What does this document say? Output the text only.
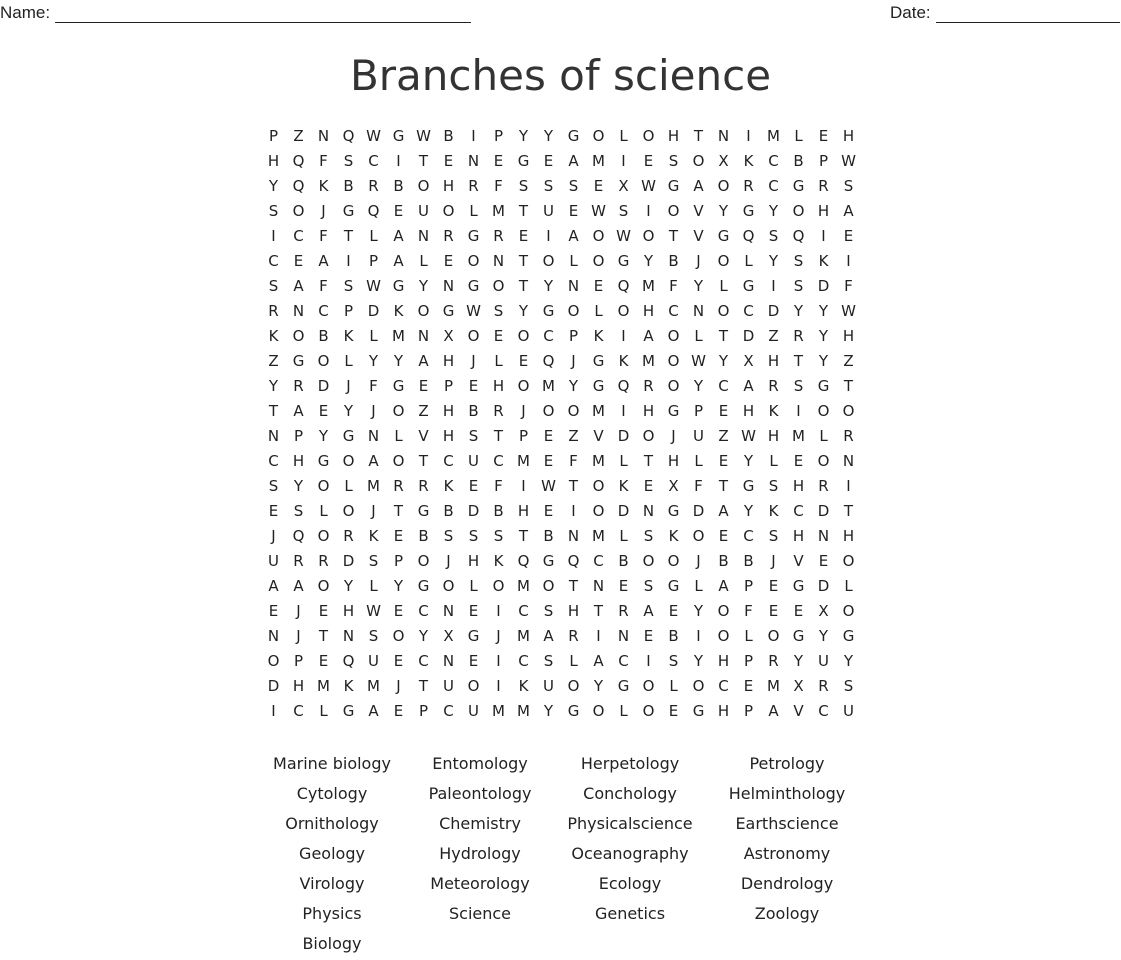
Name:	Date:
Branches of science
P	Z N Q W G W B	I	P	Y	Y G O L O H T N	I	M L	E H
H Q F	S C	I	T	E N E G E	A M	I	E	S O X K C B	P W
Y Q K B R B O H R	F	S	S	S	E	X W G A O R C G R	S
S O	J	G Q E U O L M T U E W S	I	O V	Y G Y O H A
I	C	F	T	L	A N R G R	E	I	A O W O T	V G Q S Q	I	E
C	E	A	I	P	A	L	E O N T O L O G Y	B	J	O L	Y	S	K	I
S	A	F	S W G Y N G O T	Y N E Q M F	Y	L	G	I	S D F
R N C	P D K O G W S	Y G O L O H C N O C D Y	Y W
K O B K	L M N X O E O C	P	K	I	A O L	T D Z R	Y H
Z G O L	Y	Y	A H	J	L	E Q	J	G K M O W Y	X H T	Y	Z
Y	R D	J	F G E	P	E H O M Y G Q R O Y	C A R	S G T
T	A	E	Y	J	O Z H B R	J	O O M	I	H G P	E H K	I	O O
N P	Y G N	L	V H S	T	P	E	Z V D O	J	U Z W H M L	R
C H G O A O T	C U C M E	F M L	T H	L	E	Y	L	E O N
S	Y O L M R R K	E	F	I	W T O K	E	X	F	T G S H R	I
E	S	L O	J	T G B D B H E	I	O D N G D A	Y	K C D T
J	Q O R K	E	B	S	S	S	T	B N M L	S	K O E	C	S H N H
U R R D S	P O	J	H K Q G Q C B O O	J	B B	J	V	E O
A A O Y	L	Y G O L O M O T N E	S G	L	A	P	E G D	L
E	J	E H W E	C N E	I	C	S H T	R A	E	Y O F	E	E	X O
N	J	T N S O Y	X G	J	M A R	I	N E	B	I	O L O G Y G
O P	E Q U E	C N E	I	C	S	L	A C	I	S	Y H P	R	Y U Y
D H M K M	J	T U O	I	K U O Y G O L O C	E M X R	S
I	C	L	G A	E	P	C U M M Y G O L O E G H P	A V C U
Marine biology	Entomology	Herpetology	Petrology
Cytology	Paleontology	Conchology	Helminthology
Ornithology	Chemistry	Physicalscience	Earthscience
Geology	Hydrology	Oceanography	Astronomy
Virology	Meteorology	Ecology	Dendrology
Physics	Science	Genetics	Zoology
Biology
